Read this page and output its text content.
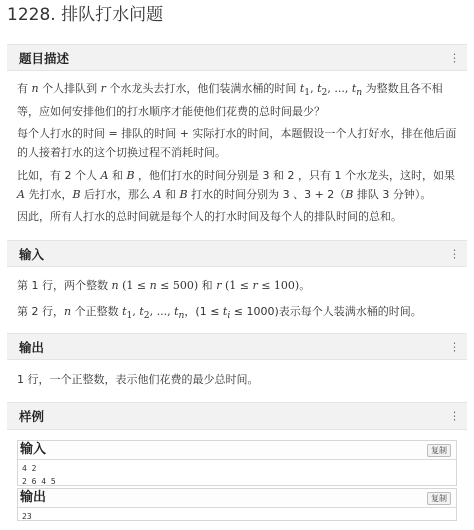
1228. 排队打水问题
题目描述	⋮

有 n 个人排队到 r 个水龙头去打水，他们装满水桶的时间 $t_1$, $t_2$, ..., $t_n$ 为整数且各不相等，应如何安排他们的打水顺序才能使他们花费的总时间最少？

每个人打水的时间 = 排队的时间 + 实际打水的时间，本题假设一个人打好水，排在他后面的人接着打水的这个切换过程不消耗时间。

比如，有 2 个人 A 和 B ，他们打水的时间分别是 3 和 2 ，只有 1 个水龙头，这时，如果 A 先打水，B 后打水，那么 A 和 B 打水的时间分别为 3 、3 + 2（B 排队 3 分钟）。

因此，所有人打水的总时间就是每个人的打水时间及每个人的排队时间的总和。

输入	⋮

第 1 行，两个整数 n (1 ≤ n ≤ 500) 和 r (1 ≤ r ≤ 100)。

第 2 行，n 个正整数 $t_1$, $t_2$, ..., $t_n$，$(1 \le t_i \le 1000)$表示每个人装满水桶的时间。

输出	⋮

1 行，一个正整数，表示他们花费的最少总时间。

样例	⋮
输入	复制
4 2
2 6 4 5
输出	复制
23
